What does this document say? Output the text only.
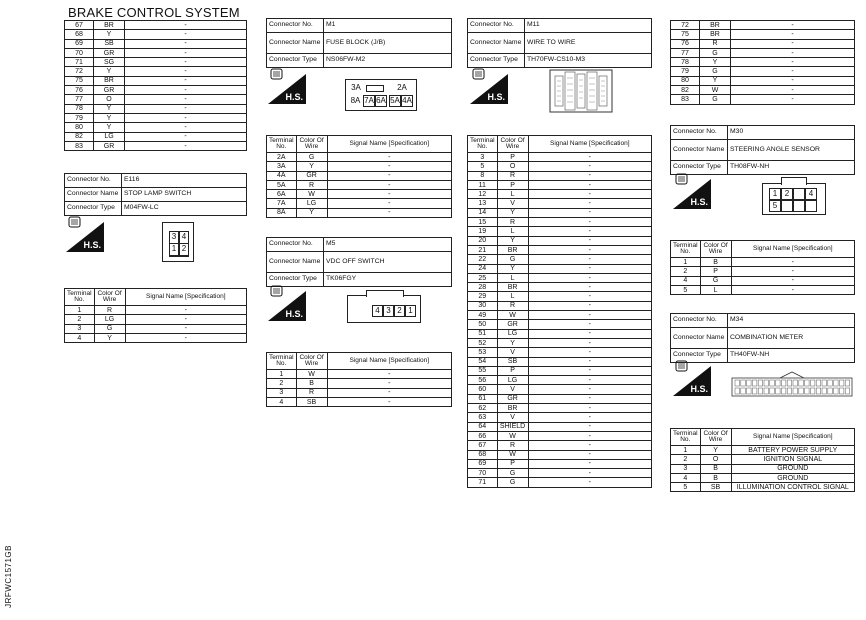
BRAKE CONTROL SYSTEM
JRFWC1571GB
67	BR	-
68	Y	-
69	SB	-
70	GR	-
71	SG	-
72	Y	-
75	BR	-
76	GR	-
77	O	-
78	Y	-
79	Y	-
80	Y	-
82	LG	-
83	GR	-
Connector No.	E116
Connector Name	STOP LAMP SWITCH
Connector Type	M04FW-LC
H.S.
3 4
1 2
Terminal No.	Color Of Wire	Signal Name [Specification]
1	R	-
2	LG	-
3	G	-
4	Y	-
Connector No.	M1
Connector Name	FUSE BLOCK (J/B)
Connector Type	NS06FW-M2
H.S.
3A	2A
8A 7A 6A 5A 4A
Terminal No.	Color Of Wire	Signal Name [Specification]
2A	G	-
3A	Y	-
4A	GR	-
5A	R	-
6A	W	-
7A	LG	-
8A	Y	-
Connector No.	M5
Connector Name	VDC OFF SWITCH
Connector Type	TK06FGY
H.S.	4 3 2 1
Terminal No.	Color Of Wire	Signal Name [Specification]
1	W	-
2	B	-
3	R	-
4	SB	-
Connector No.	M11
Connector Name	WIRE TO WIRE
Connector Type	TH70FW-CS10-M3
H.S.
Terminal No.	Color Of Wire	Signal Name [Specification]
3	P	-
5	O	-
8	R	-
11	P	-
12	L	-
13	V	-
14	Y	-
15	R	-
19	L	-
20	Y	-
21	BR	-
22	G	-
24	Y	-
25	L	-
28	BR	-
29	L	-
30	R	-
49	W	-
50	GR	-
51	LG	-
52	Y	-
53	V	-
54	SB	-
55	P	-
56	LG	-
60	V	-
61	GR	-
62	BR	-
63	V	-
64	SHIELD	-
66	W	-
67	R	-
68	W	-
69	P	-
70	G	-
71	G	-
72	BR	-
75	BR	-
76	R	-
77	G	-
78	Y	-
79	G	-
80	Y	-
82	W	-
83	G	-
Connector No.	M30
Connector Name	STEERING ANGLE SENSOR
Connector Type	TH08FW-NH
H.S.
1 2	4
5
Terminal No.	Color Of Wire	Signal Name [Specification]
1	B	-
2	P	-
4	G	-
5	L	-
Connector No.	M34
Connector Name	COMBINATION METER
Connector Type	TH40FW-NH
H.S.
Terminal No.	Color Of Wire	Signal Name [Specification]
1	Y	BATTERY POWER SUPPLY
2	O	IGNITION SIGNAL
3	B	GROUND
4	B	GROUND
5	SB	ILLUMINATION CONTROL SIGNAL
